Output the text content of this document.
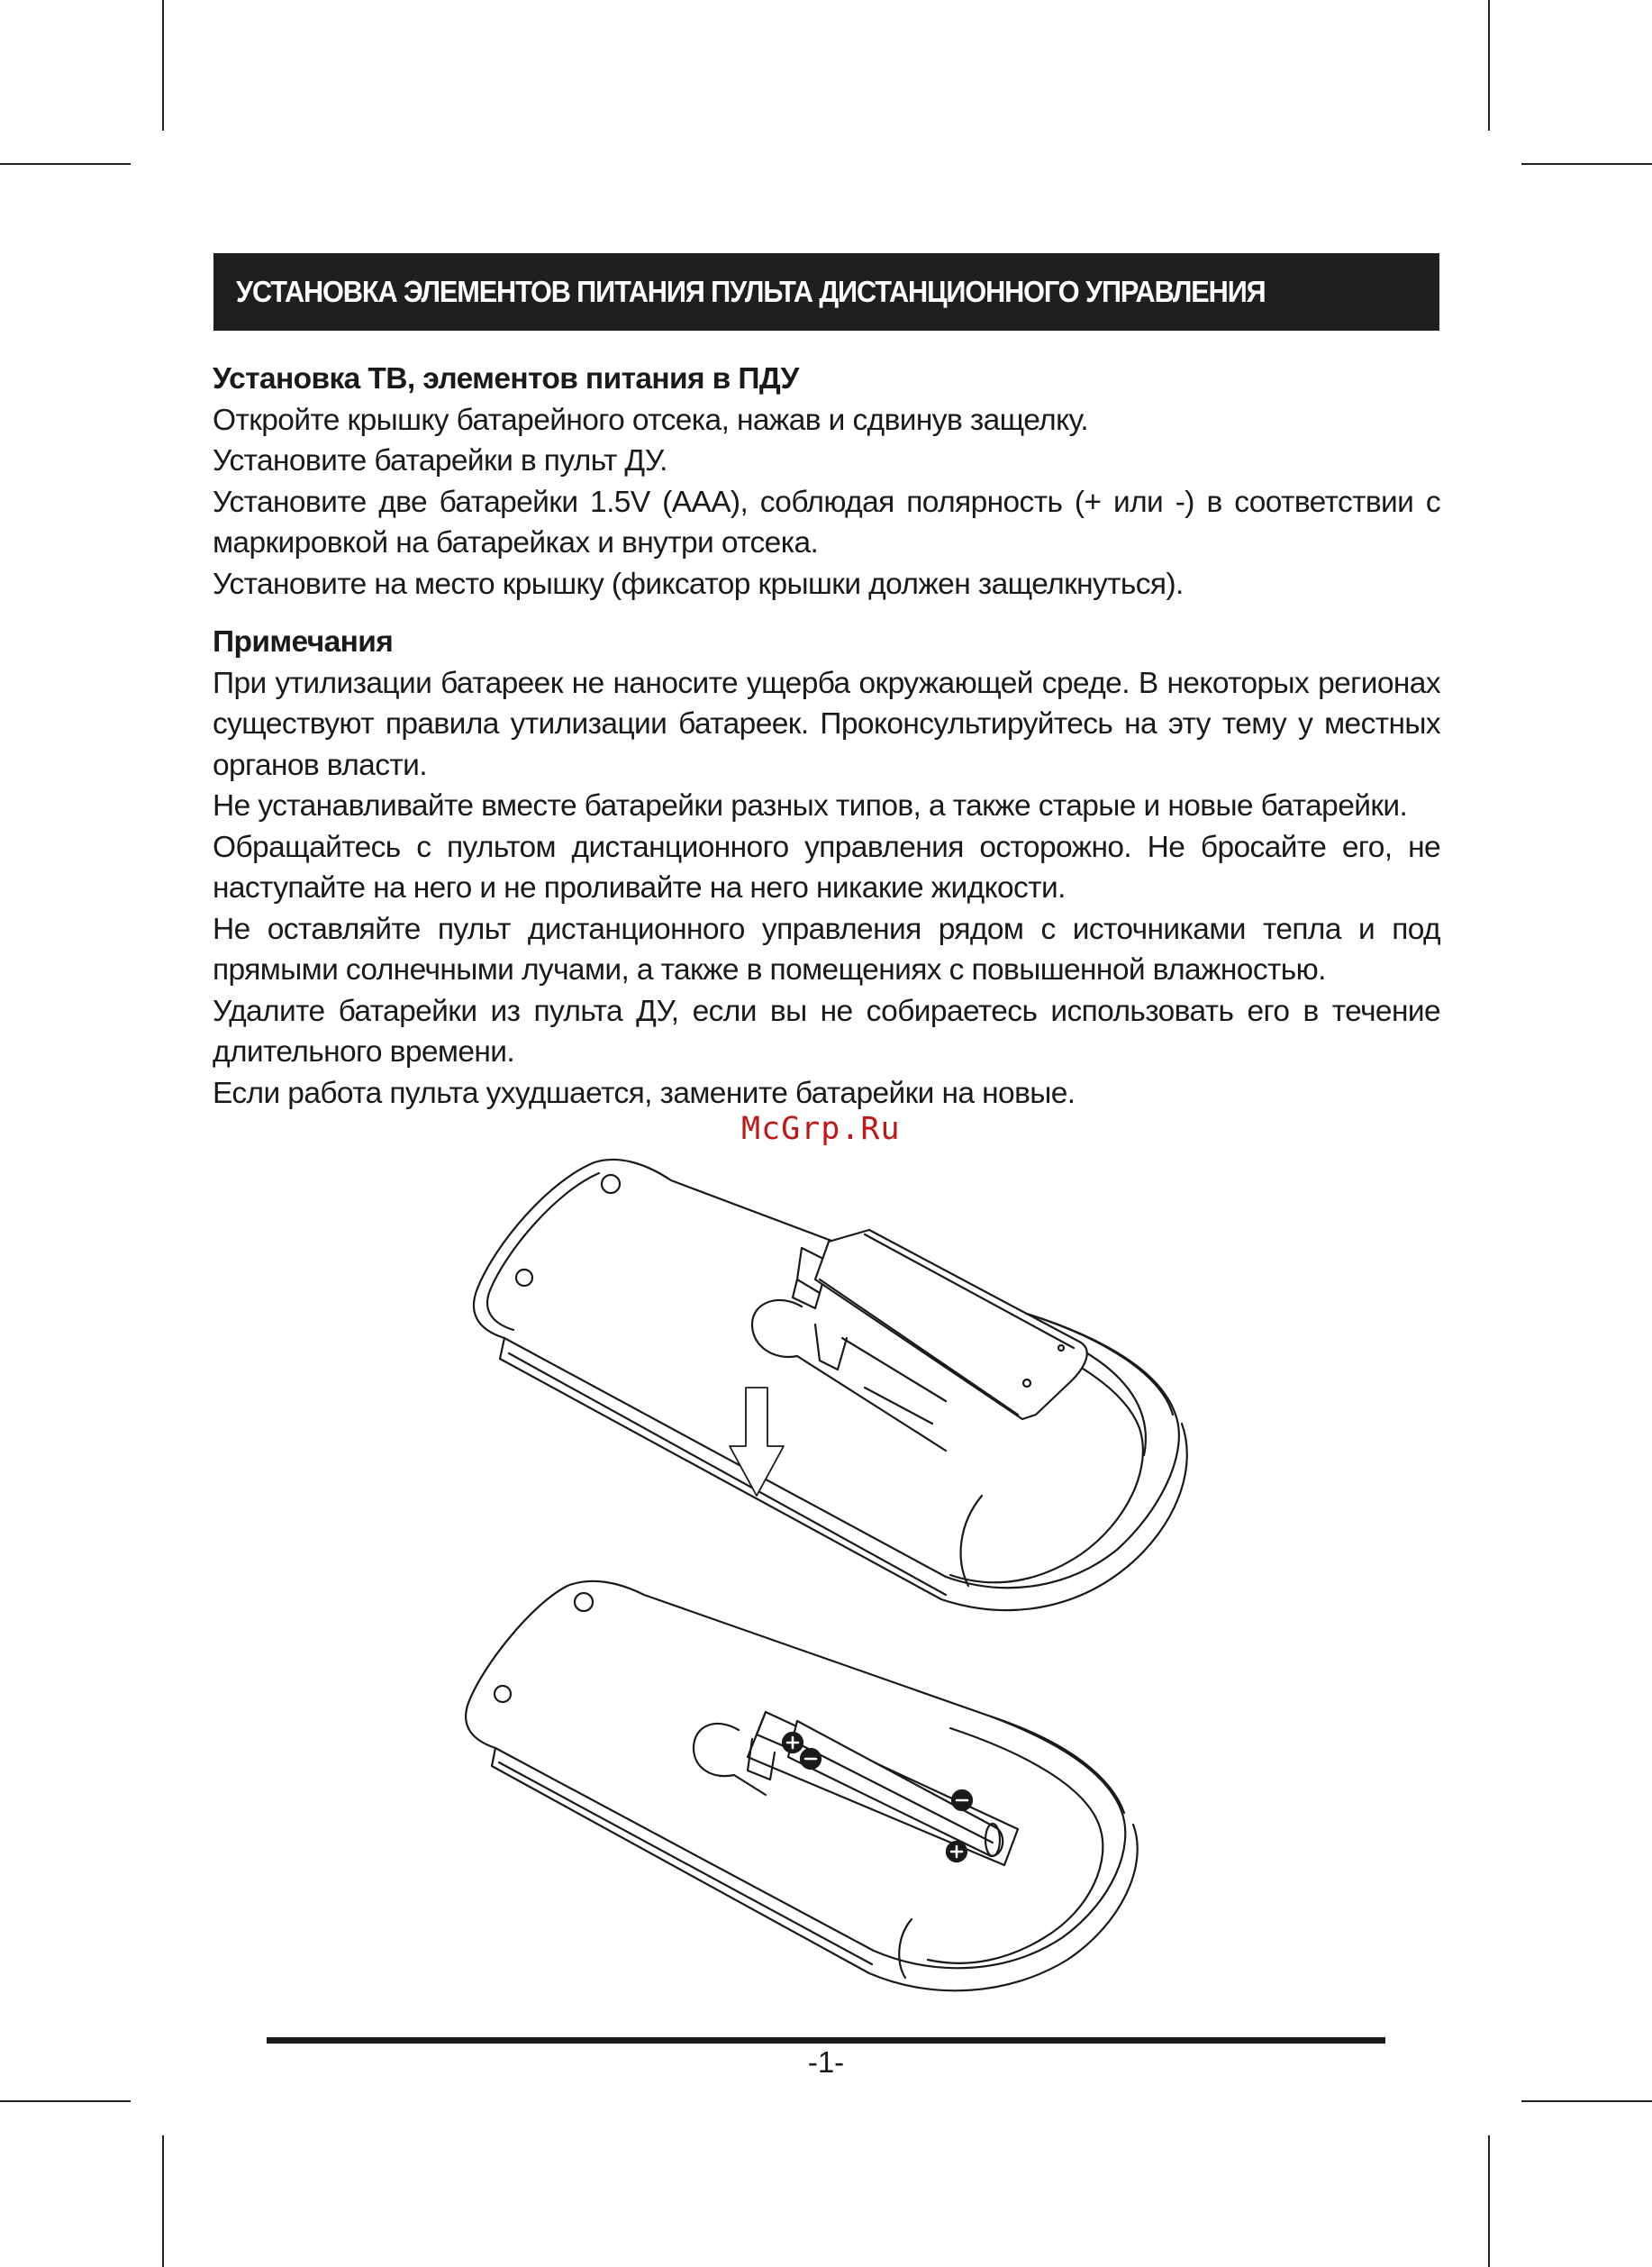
УСТАНОВКА ЭЛЕМЕНТОВ ПИТАНИЯ ПУЛЬТА ДИСТАНЦИОННОГО УПРАВЛЕНИЯ
Установка ТВ, элементов питания в ПДУ

Откройте крышку батарейного отсека, нажав и сдвинув защелку.

Установите батарейки в пульт ДУ.

Установите две батарейки 1.5V (AAA), соблюдая полярность (+ или -) в соответствии с маркировкой на батарейках и внутри отсека.

Установите на место крышку (фиксатор крышки должен защелкнуться).

Примечания

При утилизации батареек не наносите ущерба окружающей среде. В некоторых регионах существуют правила утилизации батареек. Проконсультируйтесь на эту тему у местных органов власти.

Не устанавливайте вместе батарейки разных типов, а также старые и новые батарейки.

Обращайтесь с пультом дистанционного управления осторожно. Не бросайте его, не наступайте на него и не проливайте на него никакие жидкости.

Не оставляйте пульт дистанционного управления рядом с источниками тепла и под прямыми солнечными лучами, а также в помещениях с повышенной влажностью.

Удалите батарейки из пульта ДУ, если вы не собираетесь использовать его в течение длительного времени.

Если работа пульта ухудшается, замените батарейки на новые.

McGrp.Ru
-1-
